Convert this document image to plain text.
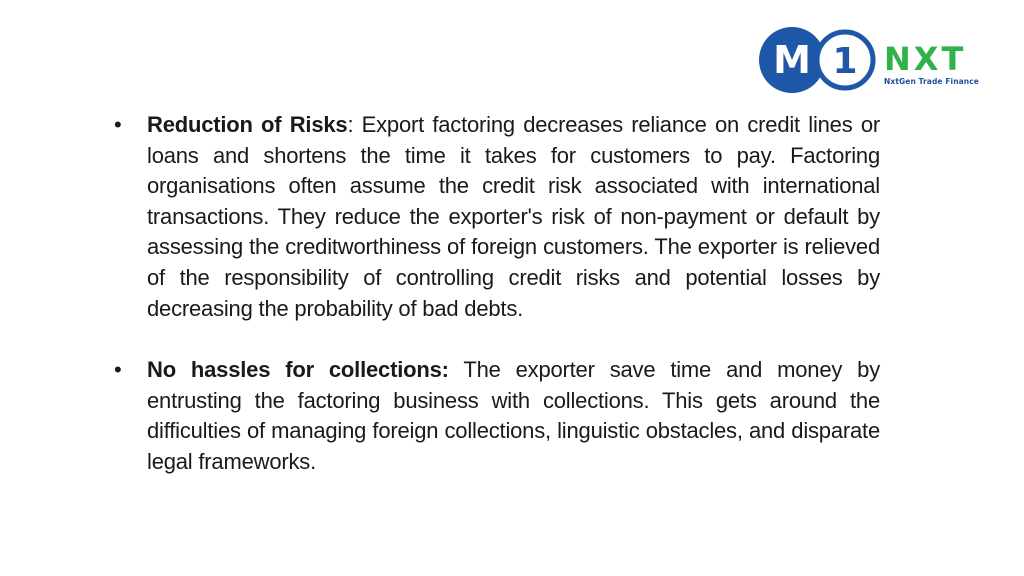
M 1 NXT
NxtGen Trade Finance
• Reduction of Risks: Export factoring decreases reliance on credit lines or loans and shortens the time it takes for customers to pay. Factoring organisations often assume the credit risk associated with international transactions. They reduce the exporter's risk of non-payment or default by assessing the creditworthiness of foreign customers. The exporter is relieved of the responsibility of controlling credit risks and potential losses by decreasing the probability of bad debts.

• No hassles for collections: The exporter save time and money by entrusting the factoring business with collections. This gets around the difficulties of managing foreign collections, linguistic obstacles, and disparate legal frameworks.
